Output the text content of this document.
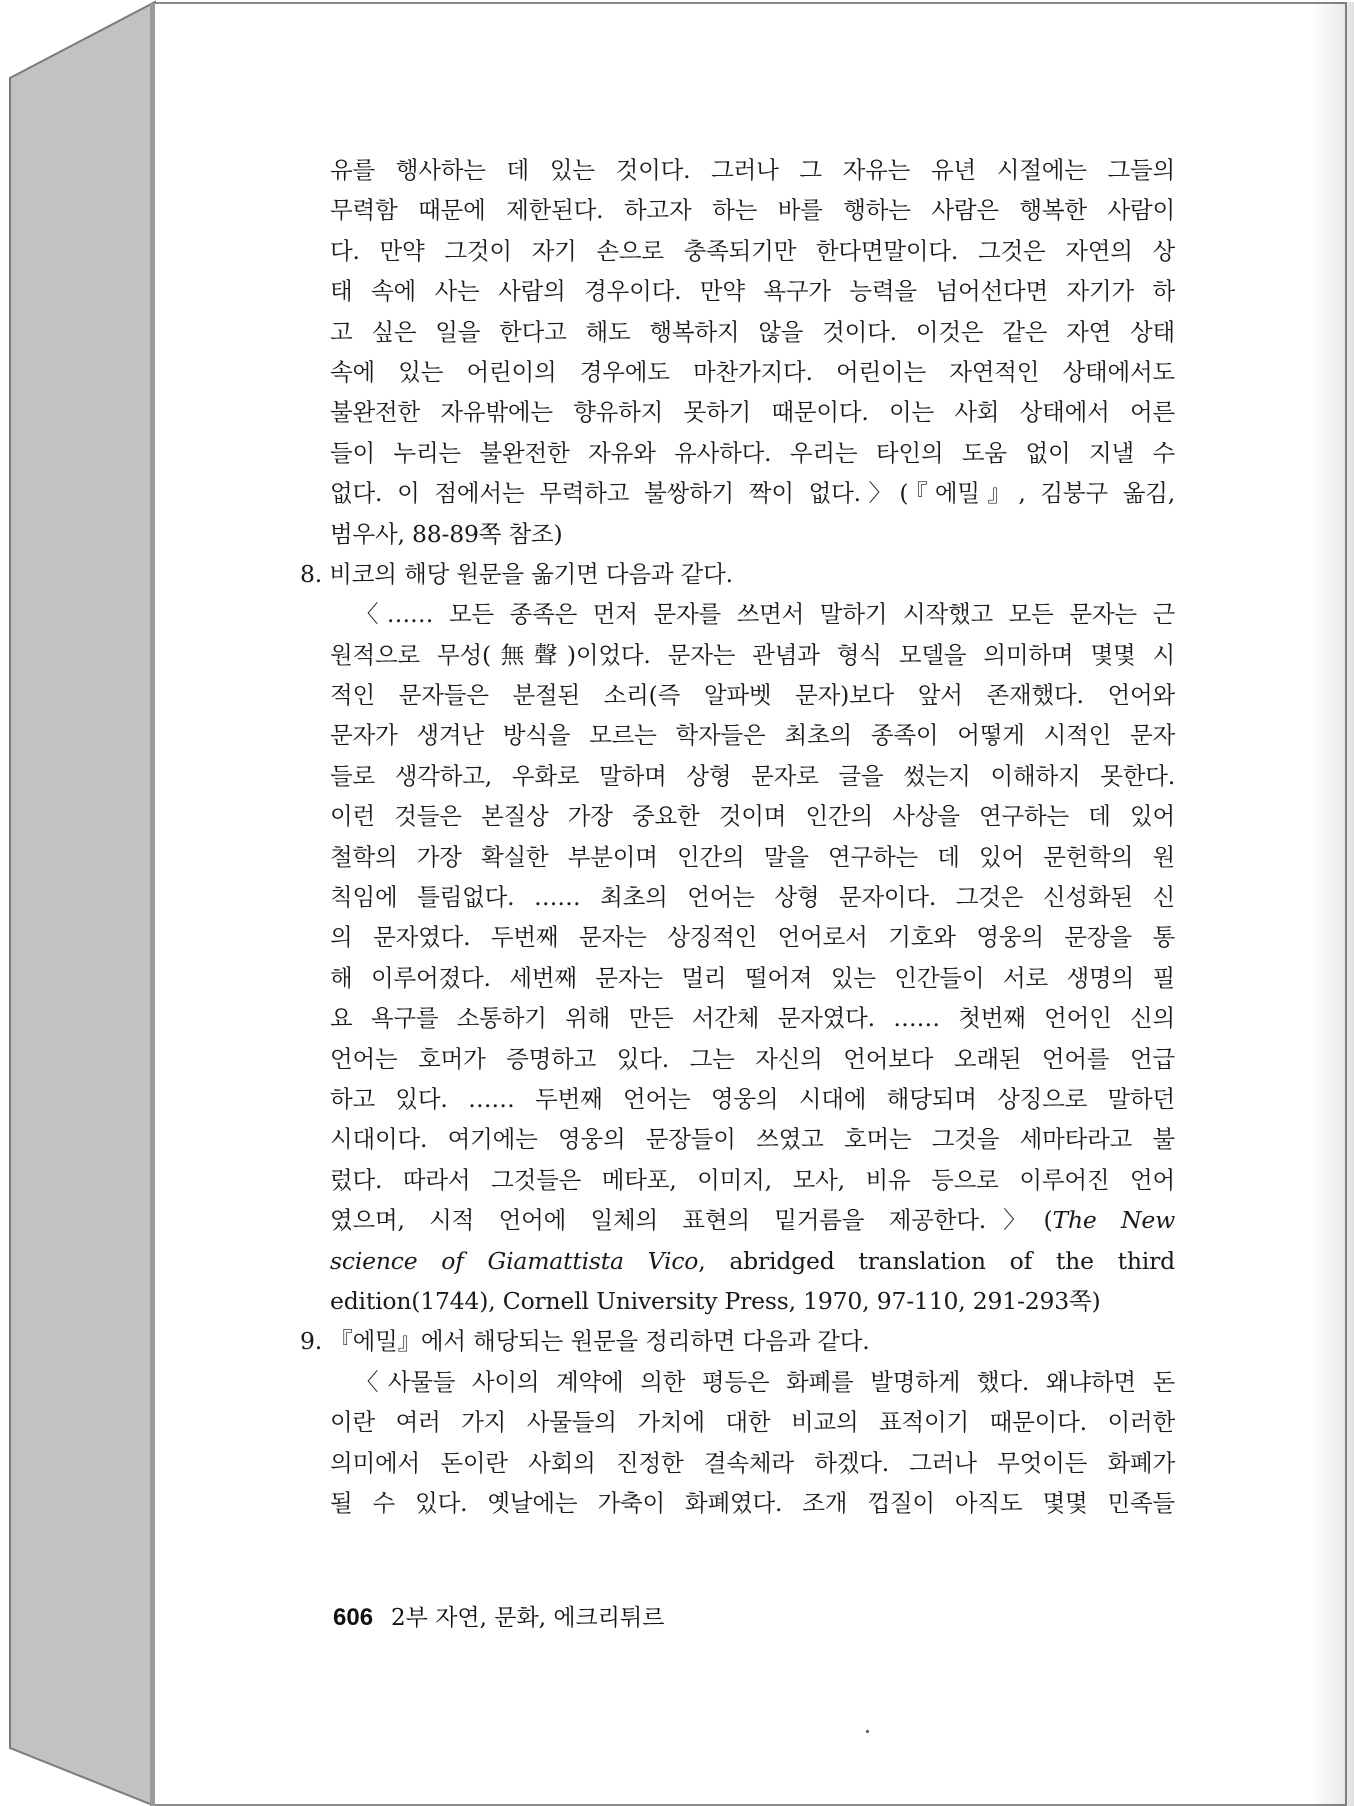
유를 행사하는 데 있는 것이다. 그러나 그 자유는 유년 시절에는 그들의
무력함 때문에 제한된다. 하고자 하는 바를 행하는 사람은 행복한 사람이
다. 만약 그것이 자기 손으로 충족되기만 한다면말이다. 그것은 자연의 상
태 속에 사는 사람의 경우이다. 만약 욕구가 능력을 넘어선다면 자기가 하
고 싶은 일을 한다고 해도 행복하지 않을 것이다. 이것은 같은 자연 상태
속에 있는 어린이의 경우에도 마찬가지다. 어린이는 자연적인 상태에서도
불완전한 자유밖에는 향유하지 못하기 때문이다. 이는 사회 상태에서 어른
들이 누리는 불완전한 자유와 유사하다. 우리는 타인의 도움 없이 지낼 수
없다. 이 점에서는 무력하고 불쌍하기 짝이 없다.〉(『에밀』, 김붕구 옮김,
범우사, 88-89쪽 참조)
8. 비코의 해당 원문을 옮기면 다음과 같다.
〈…… 모든 종족은 먼저 문자를 쓰면서 말하기 시작했고 모든 문자는 근
원적으로 무성(無聲)이었다. 문자는 관념과 형식 모델을 의미하며 몇몇 시
적인 문자들은 분절된 소리(즉 알파벳 문자)보다 앞서 존재했다. 언어와
문자가 생겨난 방식을 모르는 학자들은 최초의 종족이 어떻게 시적인 문자
들로 생각하고, 우화로 말하며 상형 문자로 글을 썼는지 이해하지 못한다.
이런 것들은 본질상 가장 중요한 것이며 인간의 사상을 연구하는 데 있어
철학의 가장 확실한 부분이며 인간의 말을 연구하는 데 있어 문헌학의 원
칙임에 틀림없다. …… 최초의 언어는 상형 문자이다. 그것은 신성화된 신
의 문자였다. 두번째 문자는 상징적인 언어로서 기호와 영웅의 문장을 통
해 이루어졌다. 세번째 문자는 멀리 떨어져 있는 인간들이 서로 생명의 필
요 욕구를 소통하기 위해 만든 서간체 문자였다. …… 첫번째 언어인 신의
언어는 호머가 증명하고 있다. 그는 자신의 언어보다 오래된 언어를 언급
하고 있다. …… 두번째 언어는 영웅의 시대에 해당되며 상징으로 말하던
시대이다. 여기에는 영웅의 문장들이 쓰였고 호머는 그것을 세마타라고 불
렀다. 따라서 그것들은 메타포, 이미지, 모사, 비유 등으로 이루어진 언어
였으며, 시적 언어에 일체의 표현의 밑거름을 제공한다.〉(The New
science of Giamattista Vico, abridged translation of the third
edition(1744), Cornell University Press, 1970, 97-110, 291-293쪽)
9. 『에밀』에서 해당되는 원문을 정리하면 다음과 같다.
〈사물들 사이의 계약에 의한 평등은 화폐를 발명하게 했다. 왜냐하면 돈
이란 여러 가지 사물들의 가치에 대한 비교의 표적이기 때문이다. 이러한
의미에서 돈이란 사회의 진정한 결속체라 하겠다. 그러나 무엇이든 화폐가
될 수 있다. 옛날에는 가축이 화폐였다. 조개 껍질이 아직도 몇몇 민족들
606 2부 자연, 문화, 에크리튀르
